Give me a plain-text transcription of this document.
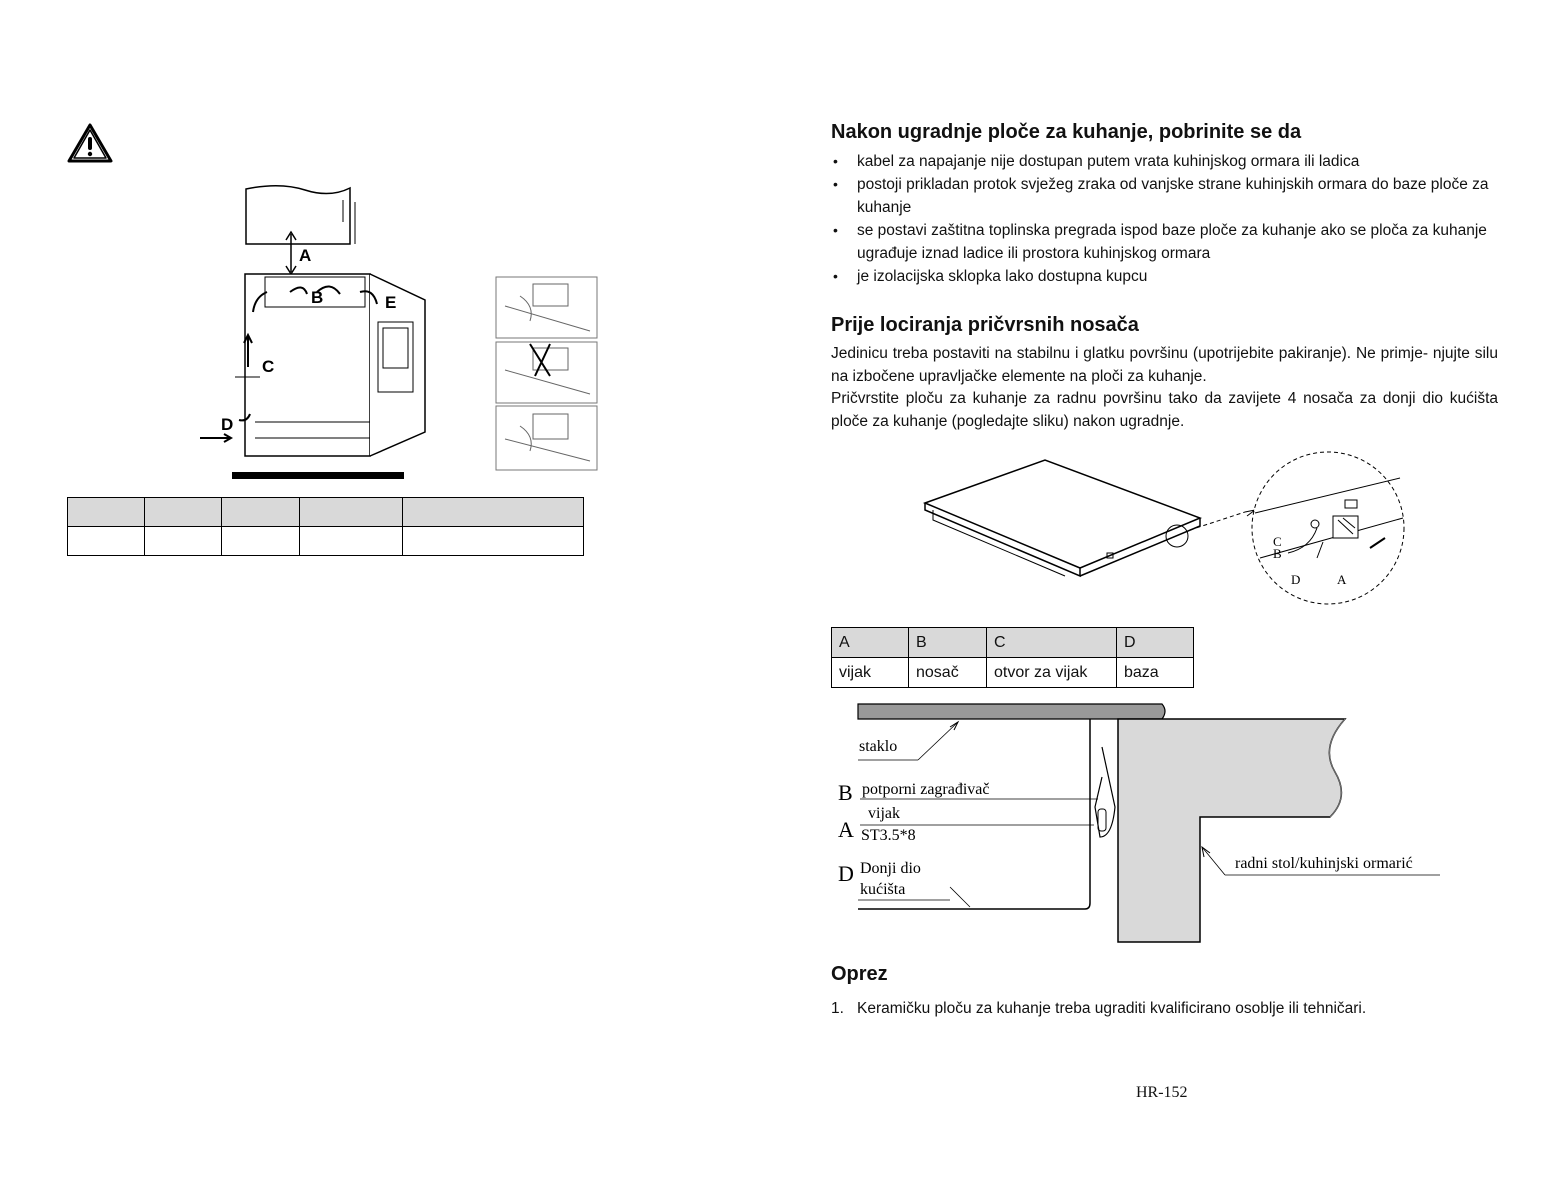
A
B
C
D
E

Nakon ugradnje ploče za kuhanje, pobrinite se da
• kabel za napajanje nije dostupan putem vrata kuhinjskog ormara ili ladica
• postoji prikladan protok svježeg zraka od vanjske strane kuhinjskih ormara do baze ploče za kuhanje
• se postavi zaštitna toplinska pregrada ispod baze ploče za kuhanje ako se ploča za kuhanje ugrađuje iznad ladice ili prostora kuhinjskog ormara
• je izolacijska sklopka lako dostupna kupcu
Prije lociranja pričvrsnih nosača

Jedinicu treba postaviti na stabilnu i glatku površinu (upotrijebite pakiranje). Ne primje- njujte silu na izbočene upravljačke elemente na ploči za kuhanje.

Pričvrstite ploču za kuhanje za radnu površinu tako da zavijete 4 nosača za donji dio kućišta ploče za kuhanje (pogledajte sliku) nakon ugradnje.

C
B
D	A
A	B	C	D
vijak	nosač	otvor za vijak	baza
staklo
B potporni zagrađivač
A
vijak
ST3.5*8
D Donji dio
kućišta
radni stol/kuhinjski ormarić
Oprez
1. Keramičku ploču za kuhanje treba ugraditi kvalificirano osoblje ili tehničari.
HR-152
